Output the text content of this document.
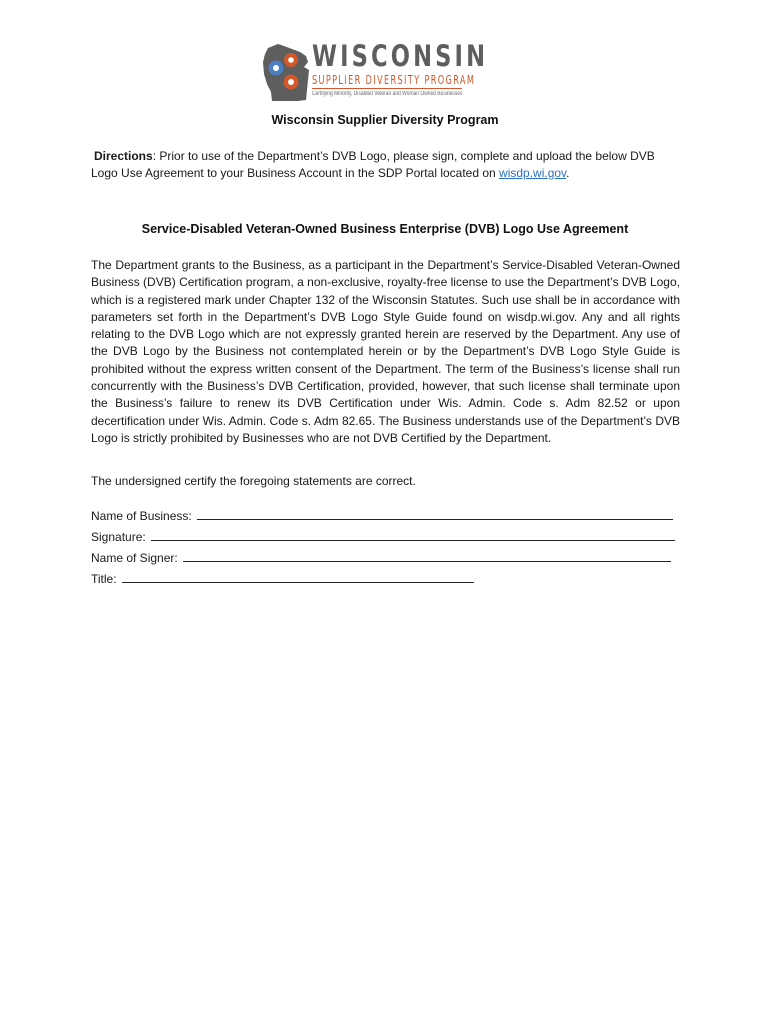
WISCONSIN
SUPPLIER DIVERSITY PROGRAM
Certifying Minority, Disabled Veteran and Woman Owned Businesses
Wisconsin Supplier Diversity Program
Directions: Prior to use of the Department’s DVB Logo, please sign, complete and upload the below DVB Logo Use Agreement to your Business Account in the SDP Portal located on wisdp.wi.gov.
Service-Disabled Veteran-Owned Business Enterprise (DVB) Logo Use Agreement
The Department grants to the Business, as a participant in the Department’s Service-Disabled Veteran-Owned Business (DVB) Certification program, a non-exclusive, royalty-free license to use the Department’s DVB Logo, which is a registered mark under Chapter 132 of the Wisconsin Statutes. Such use shall be in accordance with parameters set forth in the Department’s DVB Logo Style Guide found on wisdp.wi.gov. Any and all rights relating to the DVB Logo which are not expressly granted herein are reserved by the Department. Any use of the DVB Logo by the Business not contemplated herein or by the Department’s DVB Logo Style Guide is prohibited without the express written consent of the Department. The term of the Business’s license shall run concurrently with the Business’s DVB Certification, provided, however, that such license shall terminate upon the Business’s failure to renew its DVB Certification under Wis. Admin. Code s. Adm 82.52 or upon decertification under Wis. Admin. Code s. Adm 82.65. The Business understands use of the Department’s DVB Logo is strictly prohibited by Businesses who are not DVB Certified by the Department.
The undersigned certify the foregoing statements are correct.
Name of Business:
Signature:
Name of Signer:
Title:
